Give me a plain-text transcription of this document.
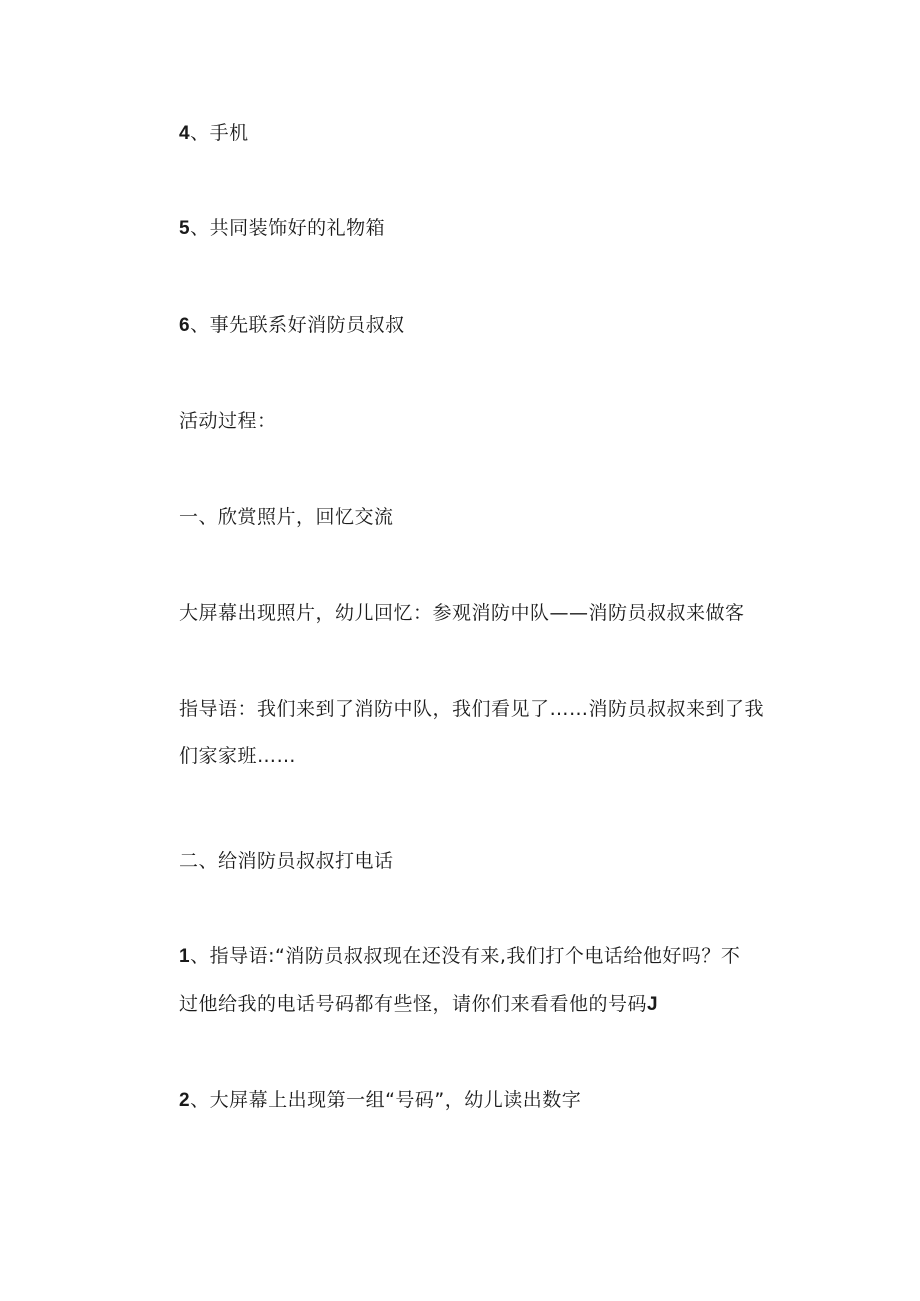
4、手机
5、共同装饰好的礼物箱
6、事先联系好消防员叔叔
活动过程：
一、欣赏照片，回忆交流
大屏幕出现照片，幼儿回忆：参观消防中队——消防员叔叔来做客
指导语：我们来到了消防中队，我们看见了……消防员叔叔来到了我
们家家班……
二、给消防员叔叔打电话
1、指导语:“消防员叔叔现在还没有来,我们打个电话给他好吗？不
过他给我的电话号码都有些怪，请你们来看看他的号码J
2、大屏幕上出现第一组“号码”，幼儿读出数字
